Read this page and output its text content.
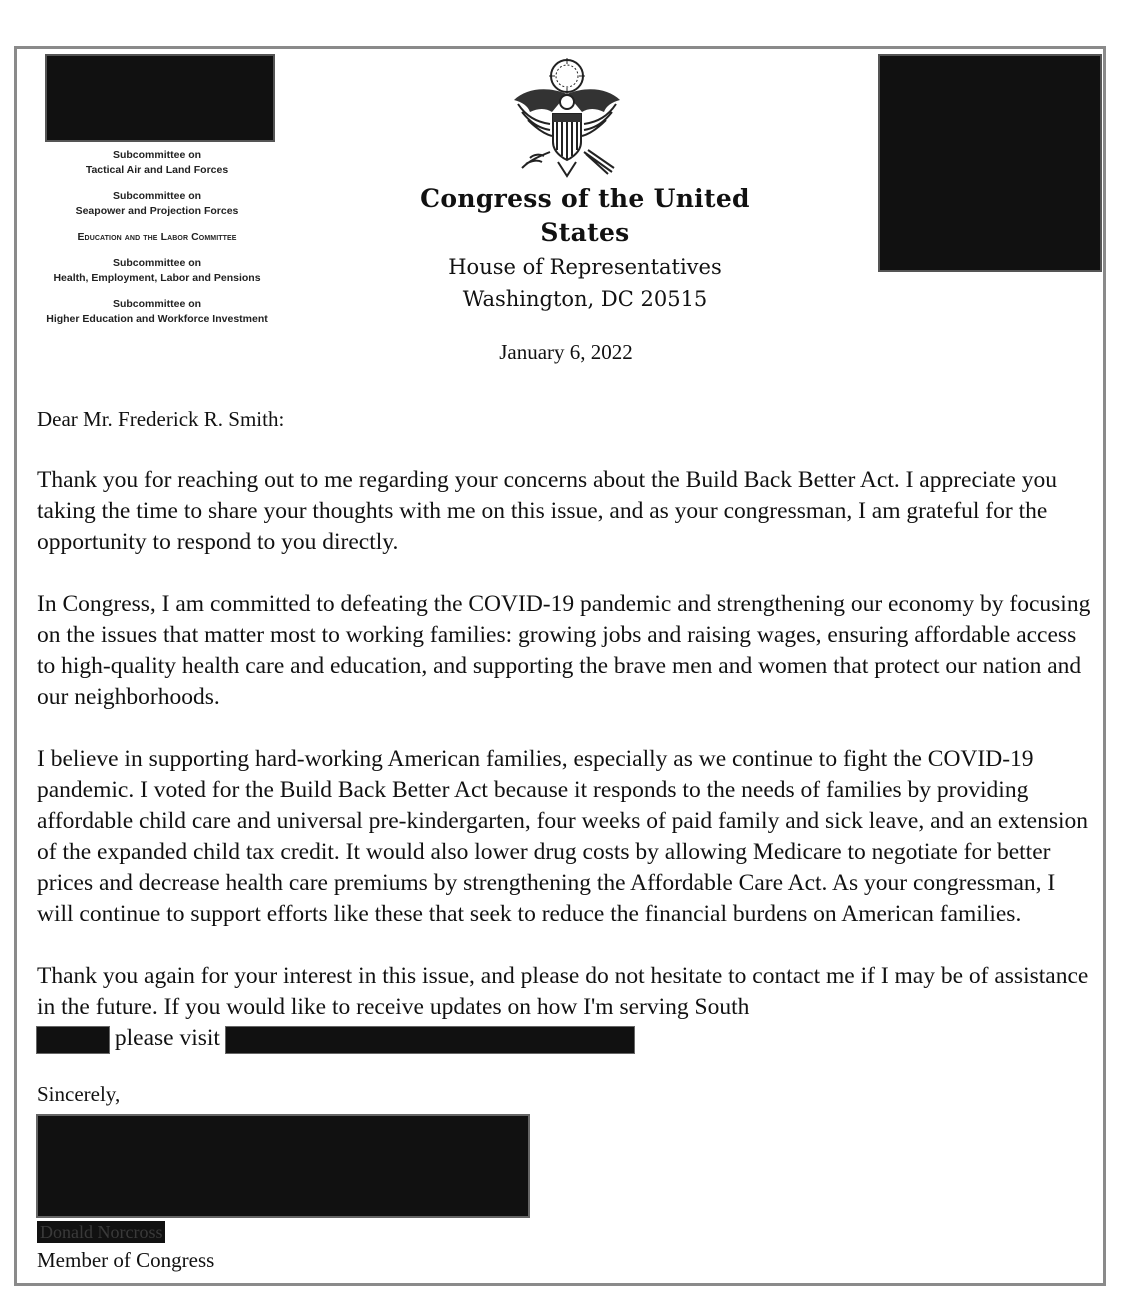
Subcommittee on
Tactical Air and Land Forces
Subcommittee on
Seapower and Projection Forces
Education and the Labor Committee
Subcommittee on
Health, Employment, Labor and Pensions
Subcommittee on
Higher Education and Workforce Investment
Congress of the United States
House of Representatives
Washington, DC 20515
January 6, 2022

Dear Mr. Frederick R. Smith:

Thank you for reaching out to me regarding your concerns about the Build Back Better Act. I appreciate you taking the time to share your thoughts with me on this issue, and as your congressman, I am grateful for the opportunity to respond to you directly.

In Congress, I am committed to defeating the COVID-19 pandemic and strengthening our economy by focusing on the issues that matter most to working families: growing jobs and raising wages, ensuring affordable access to high-quality health care and education, and supporting the brave men and women that protect our nation and our neighborhoods.

I believe in supporting hard-working American families, especially as we continue to fight the COVID-19 pandemic. I voted for the Build Back Better Act because it responds to the needs of families by providing affordable child care and universal pre-kindergarten, four weeks of paid family and sick leave, and an extension of the expanded child tax credit. It would also lower drug costs by allowing Medicare to negotiate for better prices and decrease health care premiums by strengthening the Affordable Care Act. As your congressman, I will continue to support efforts like these that seek to reduce the financial burdens on American families.

Thank you again for your interest in this issue, and please do not hesitate to contact me if I may be of assistance in the future. If you would like to receive updates on how I'm serving South
please visit

Sincerely,
Donald Norcross
Member of Congress
